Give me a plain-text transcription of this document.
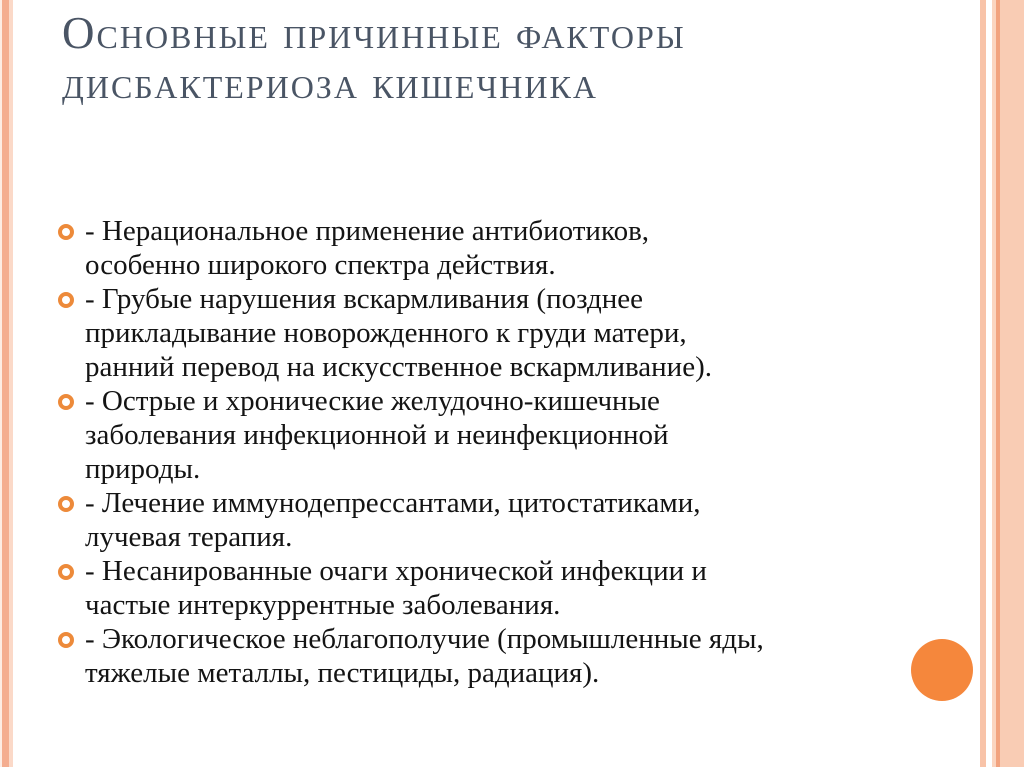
Основные причинные факторы
дисбактериоза кишечника
- Нерациональное применение антибиотиков, особенно широкого спектра действия.
- Грубые нарушения вскармливания (позднее прикладывание новорожденного к груди матери, ранний перевод на искусственное вскармливание).
- Острые и хронические желудочно-кишечные заболевания инфекционной и неинфекционной природы.
- Лечение иммунодепрессантами, цитостатиками, лучевая терапия.
- Несанированные очаги хронической инфекции и частые интеркуррентные заболевания.
- Экологическое неблагополучие (промышленные яды, тяжелые металлы, пестициды, радиация).
